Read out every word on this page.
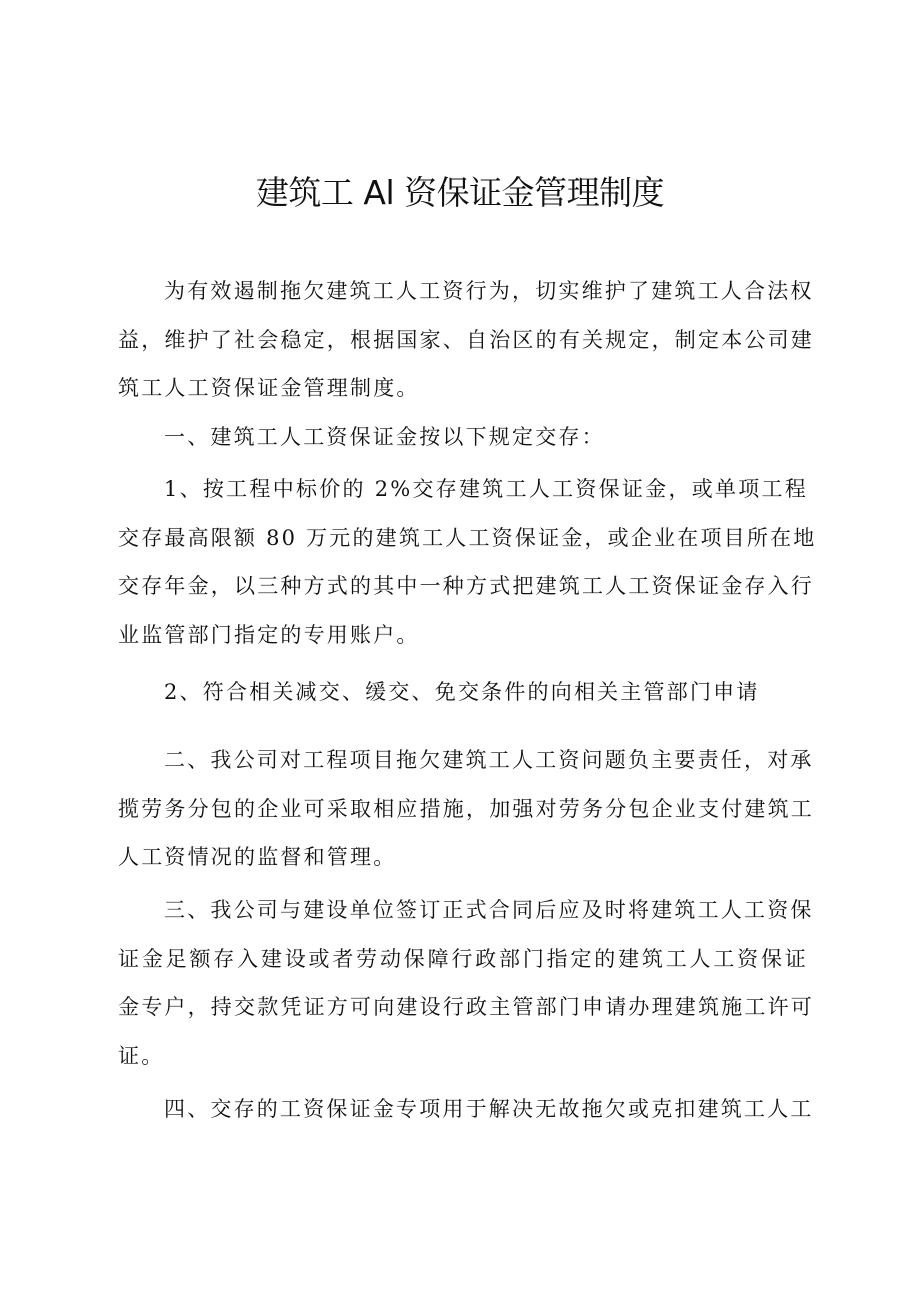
建筑工 Al 资保证金管理制度
为有效遏制拖欠建筑工人工资行为，切实维护了建筑工人合法权
益，维护了社会稳定，根据国家、自治区的有关规定，制定本公司建
筑工人工资保证金管理制度。
一、建筑工人工资保证金按以下规定交存：
1、按工程中标价的 2%交存建筑工人工资保证金，或单项工程
交存最高限额 80 万元的建筑工人工资保证金，或企业在项目所在地
交存年金，以三种方式的其中一种方式把建筑工人工资保证金存入行
业监管部门指定的专用账户。
2、符合相关减交、缓交、免交条件的向相关主管部门申请
二、我公司对工程项目拖欠建筑工人工资问题负主要责任，对承
揽劳务分包的企业可采取相应措施，加强对劳务分包企业支付建筑工
人工资情况的监督和管理。
三、我公司与建设单位签订正式合同后应及时将建筑工人工资保
证金足额存入建设或者劳动保障行政部门指定的建筑工人工资保证
金专户，持交款凭证方可向建设行政主管部门申请办理建筑施工许可
证。
四、交存的工资保证金专项用于解决无故拖欠或克扣建筑工人工
